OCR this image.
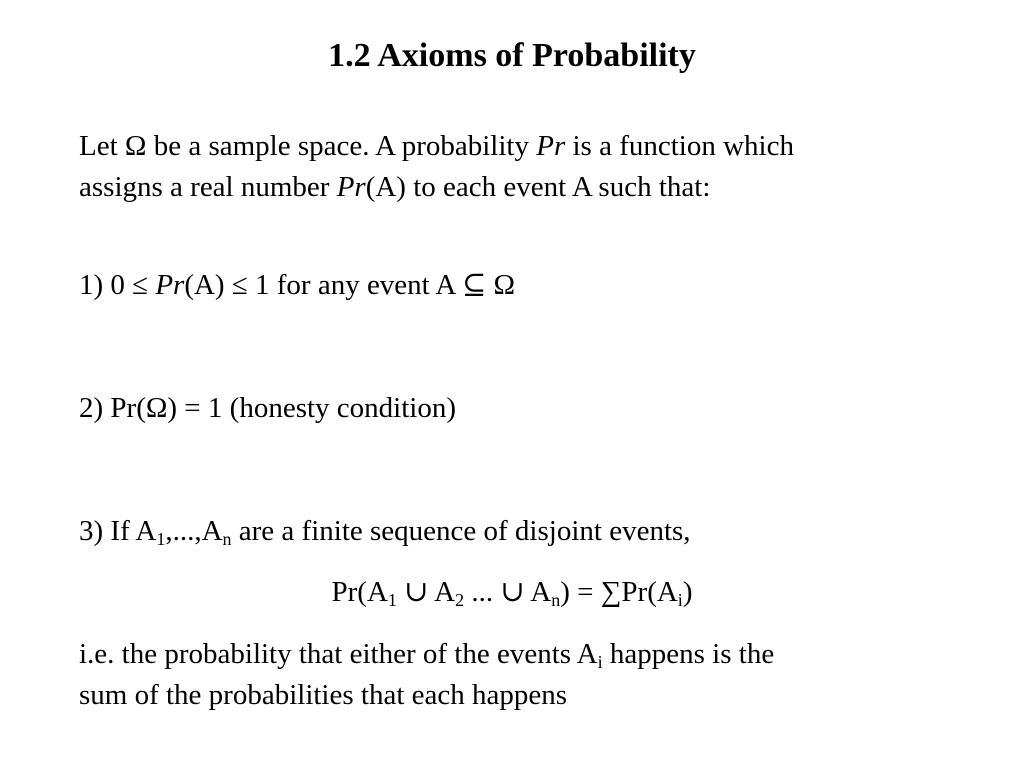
1.2 Axioms of Probability
Let Ω be a sample space. A probability Pr is a function which
assigns a real number Pr(A) to each event A such that:
1) 0 ≤ Pr(A) ≤ 1 for any event A ⊆ Ω
2) Pr(Ω) = 1 (honesty condition)
3) If $A_1,...,A_n$ are a finite sequence of disjoint events,
$Pr(A_1$ ∪ $A_2$ ... ∪ $A_n) = \sum Pr(A_i)$
i.e. the probability that either of the events $A_i$ happens is the
sum of the probabilities that each happens
